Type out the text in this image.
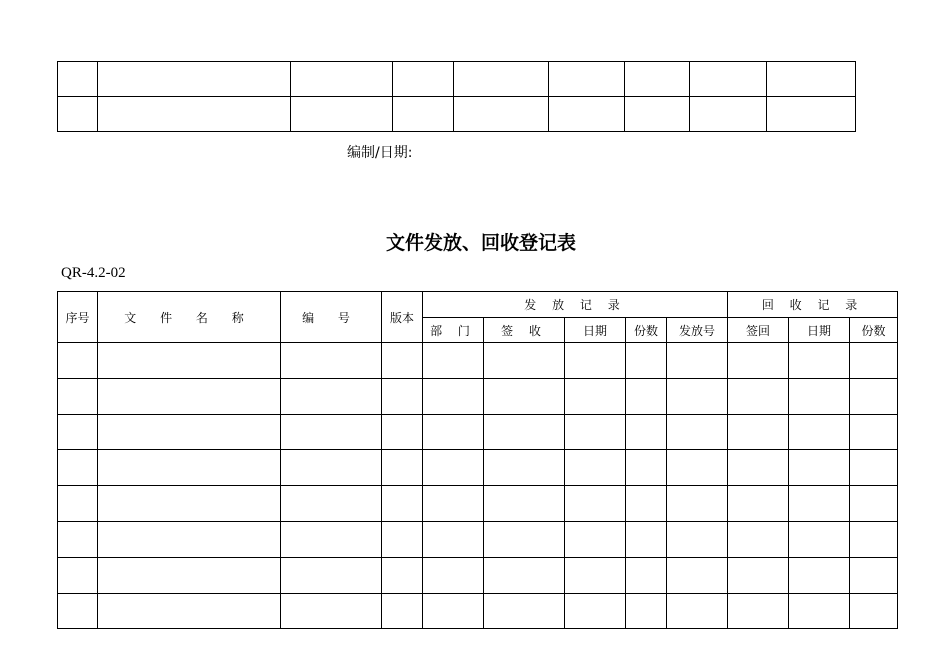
编制/日期:
文件发放、回收登记表
QR-4.2-02
序号	文 件 名 称	编 号	版本	发 放 记 录					回 收 记 录		
				部 门	签 收	日期	份数	发放号	签回	日期	份数
